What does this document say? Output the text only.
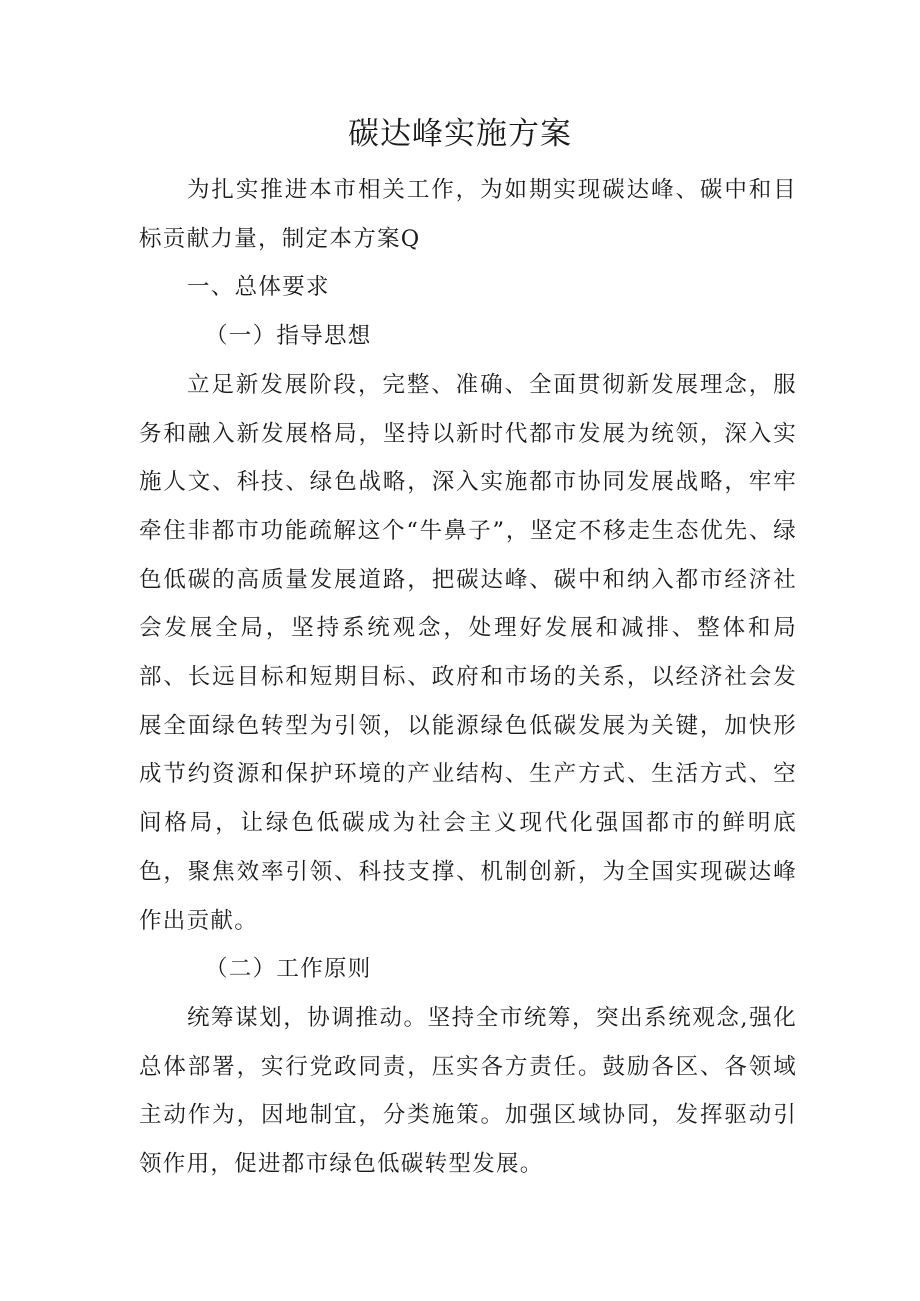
碳达峰实施方案

为扎实推进本市相关工作，为如期实现碳达峰、碳中和目标贡献力量，制定本方案Q

一、总体要求

（一）指导思想

立足新发展阶段，完整、准确、全面贯彻新发展理念，服务和融入新发展格局，坚持以新时代都市发展为统领，深入实施人文、科技、绿色战略，深入实施都市协同发展战略，牢牢牵住非都市功能疏解这个“牛鼻子”，坚定不移走生态优先、绿色低碳的高质量发展道路，把碳达峰、碳中和纳入都市经济社会发展全局，坚持系统观念，处理好发展和减排、整体和局部、长远目标和短期目标、政府和市场的关系，以经济社会发展全面绿色转型为引领，以能源绿色低碳发展为关键，加快形成节约资源和保护环境的产业结构、生产方式、生活方式、空间格局，让绿色低碳成为社会主义现代化强国都市的鲜明底色，聚焦效率引领、科技支撑、机制创新，为全国实现碳达峰作出贡献。

（二）工作原则

统筹谋划，协调推动。坚持全市统筹，突出系统观念,强化总体部署，实行党政同责，压实各方责任。鼓励各区、各领域主动作为，因地制宜，分类施策。加强区域协同，发挥驱动引领作用，促进都市绿色低碳转型发展。
